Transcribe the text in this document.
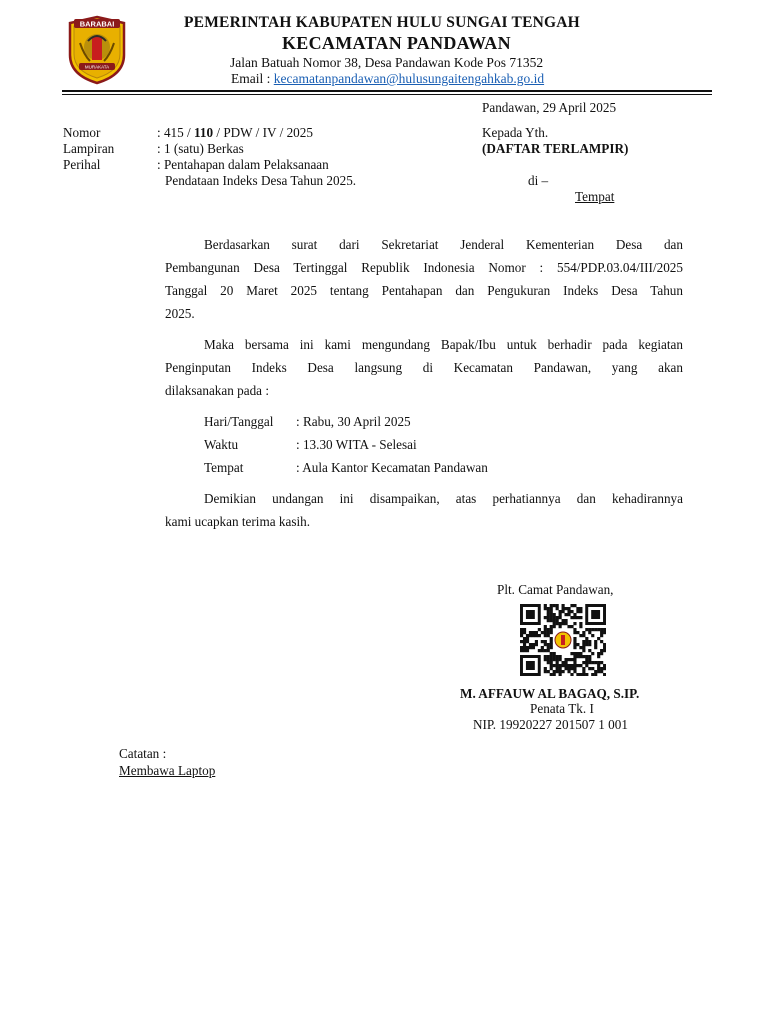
BARABAI
MURAKATA
PEMERINTAH KABUPATEN HULU SUNGAI TENGAH
KECAMATAN PANDAWAN
Jalan Batuah Nomor 38, Desa Pandawan Kode Pos 71352
Email : kecamatanpandawan@hulusungaitengahkab.go.id
Pandawan, 29 April 2025
Nomor	: 415 / 110 / PDW / IV / 2025
Lampiran	: 1 (satu) Berkas
Perihal	: Pentahapan dalam Pelaksanaan
Pendataan Indeks Desa Tahun 2025.
Kepada Yth.
(DAFTAR TERLAMPIR)
di –
Tempat
Berdasarkan surat dari Sekretariat Jenderal Kementerian Desa dan
Pembangunan Desa Tertinggal Republik Indonesia Nomor : 554/PDP.03.04/III/2025
Tanggal 20 Maret 2025 tentang Pentahapan dan Pengukuran Indeks Desa Tahun
2025.
Maka bersama ini kami mengundang Bapak/Ibu untuk berhadir pada kegiatan
Penginputan Indeks Desa langsung di Kecamatan Pandawan, yang akan
dilaksanakan pada :
Hari/Tanggal : Rabu, 30 April 2025
Waktu	: 13.30 WITA - Selesai
Tempat	: Aula Kantor Kecamatan Pandawan
Demikian undangan ini disampaikan, atas perhatiannya dan kehadirannya
kami ucapkan terima kasih.
Plt. Camat Pandawan,
M. AFFAUW AL BAGAQ, S.IP.
Penata Tk. I
NIP. 19920227 201507 1 001
Catatan :
Membawa Laptop
